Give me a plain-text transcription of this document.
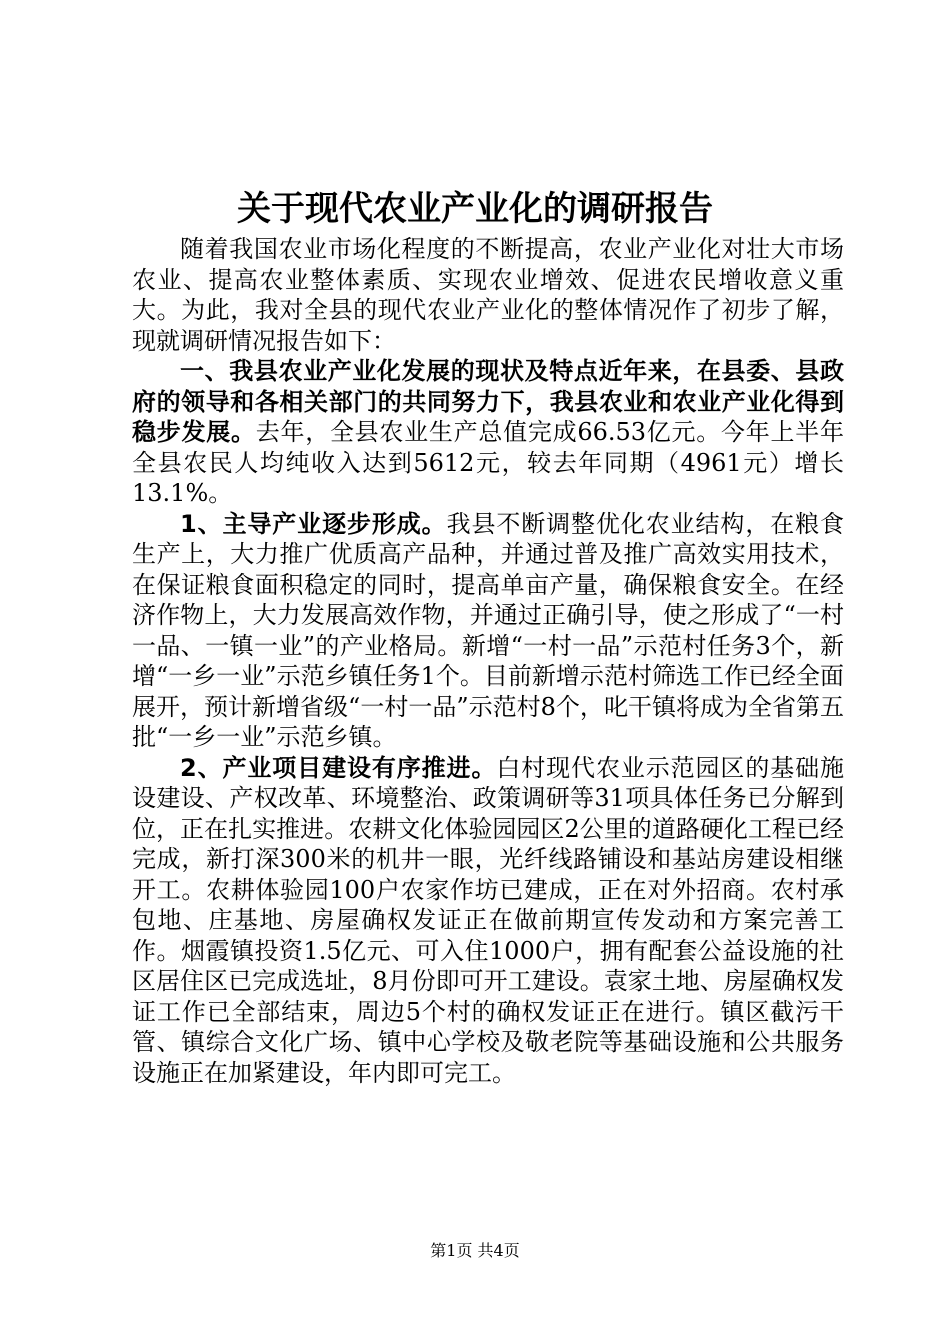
关于现代农业产业化的调研报告

随着我国农业市场化程度的不断提高，农业产业化对壮大市场农业、提高农业整体素质、实现农业增效、促进农民增收意义重大。为此，我对全县的现代农业产业化的整体情况作了初步了解，现就调研情况报告如下：

一、我县农业产业化发展的现状及特点近年来，在县委、县政府的领导和各相关部门的共同努力下，我县农业和农业产业化得到稳步发展。去年，全县农业生产总值完成66.53亿元。今年上半年全县农民人均纯收入达到5612元，较去年同期（4961元）增长13.1%。

1、主导产业逐步形成。我县不断调整优化农业结构，在粮食生产上，大力推广优质高产品种，并通过普及推广高效实用技术，在保证粮食面积稳定的同时，提高单亩产量，确保粮食安全。在经济作物上，大力发展高效作物，并通过正确引导，使之形成了“一村一品、一镇一业”的产业格局。新增“一村一品”示范村任务3个，新增“一乡一业”示范乡镇任务1个。目前新增示范村筛选工作已经全面展开，预计新增省级“一村一品”示范村8个，叱干镇将成为全省第五批“一乡一业”示范乡镇。

2、产业项目建设有序推进。白村现代农业示范园区的基础施设建设、产权改革、环境整治、政策调研等31项具体任务已分解到位，正在扎实推进。农耕文化体验园园区2公里的道路硬化工程已经完成，新打深300米的机井一眼，光纤线路铺设和基站房建设相继开工。农耕体验园100户农家作坊已建成，正在对外招商。农村承包地、庄基地、房屋确权发证正在做前期宣传发动和方案完善工作。烟霞镇投资1.5亿元、可入住1000户，拥有配套公益设施的社区居住区已完成选址，8月份即可开工建设。袁家土地、房屋确权发证工作已全部结束，周边5个村的确权发证正在进行。镇区截污干管、镇综合文化广场、镇中心学校及敬老院等基础设施和公共服务设施正在加紧建设，年内即可完工。

第1页 共4页
